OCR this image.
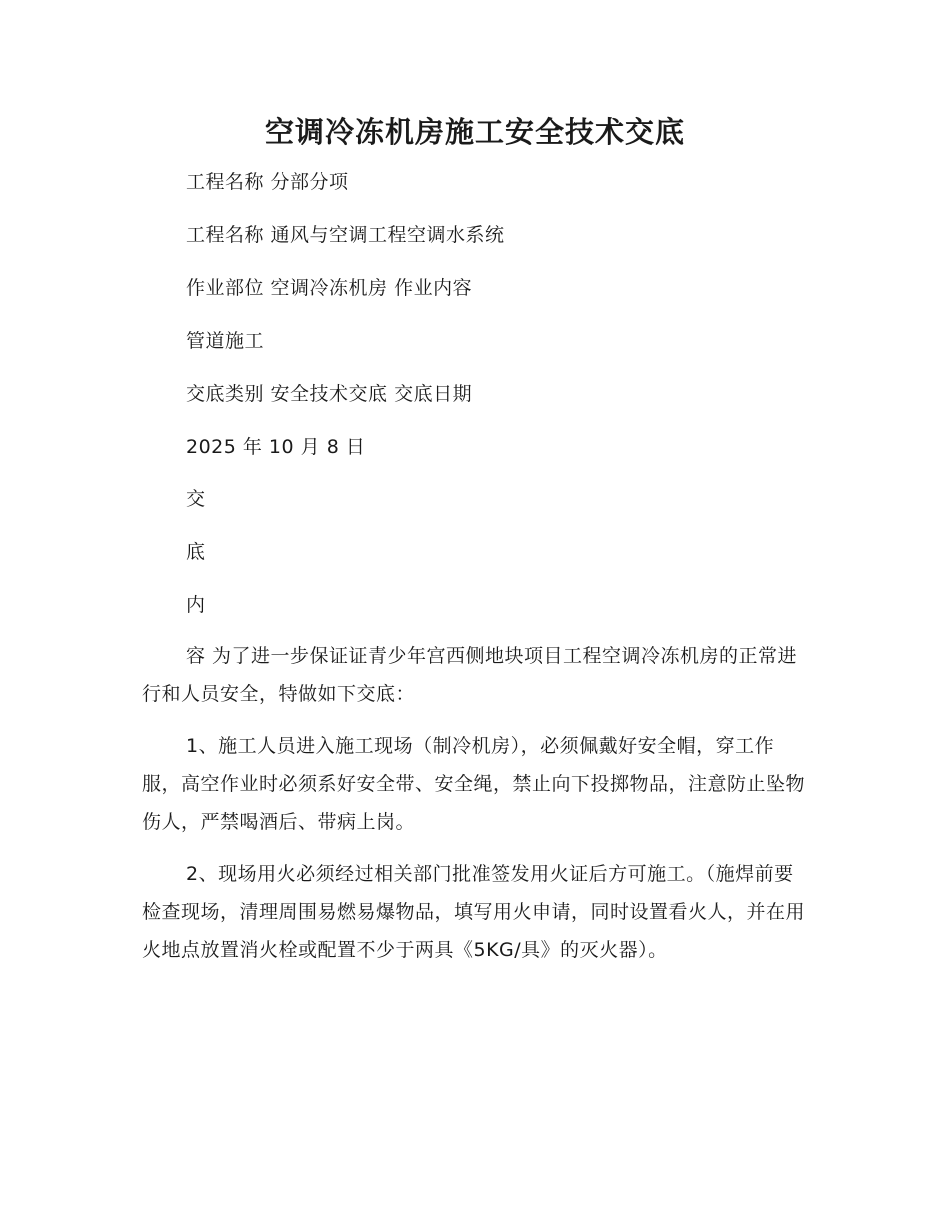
空调冷冻机房施工安全技术交底
工程名称 分部分项
工程名称 通风与空调工程空调水系统
作业部位 空调冷冻机房 作业内容
管道施工
交底类别 安全技术交底 交底日期
2025 年 10 月 8 日
交
底
内

容 为了进一步保证证青少年宫西侧地块项目工程空调冷冻机房的正常进行和人员安全，特做如下交底：

1、施工人员进入施工现场（制冷机房），必须佩戴好安全帽，穿工作服，高空作业时必须系好安全带、安全绳，禁止向下投掷物品，注意防止坠物伤人，严禁喝酒后、带病上岗。

2、现场用火必须经过相关部门批准签发用火证后方可施工。（施焊前要检查现场，清理周围易燃易爆物品，填写用火申请，同时设置看火人，并在用火地点放置消火栓或配置不少于两具《5KG/具》的灭火器）。
